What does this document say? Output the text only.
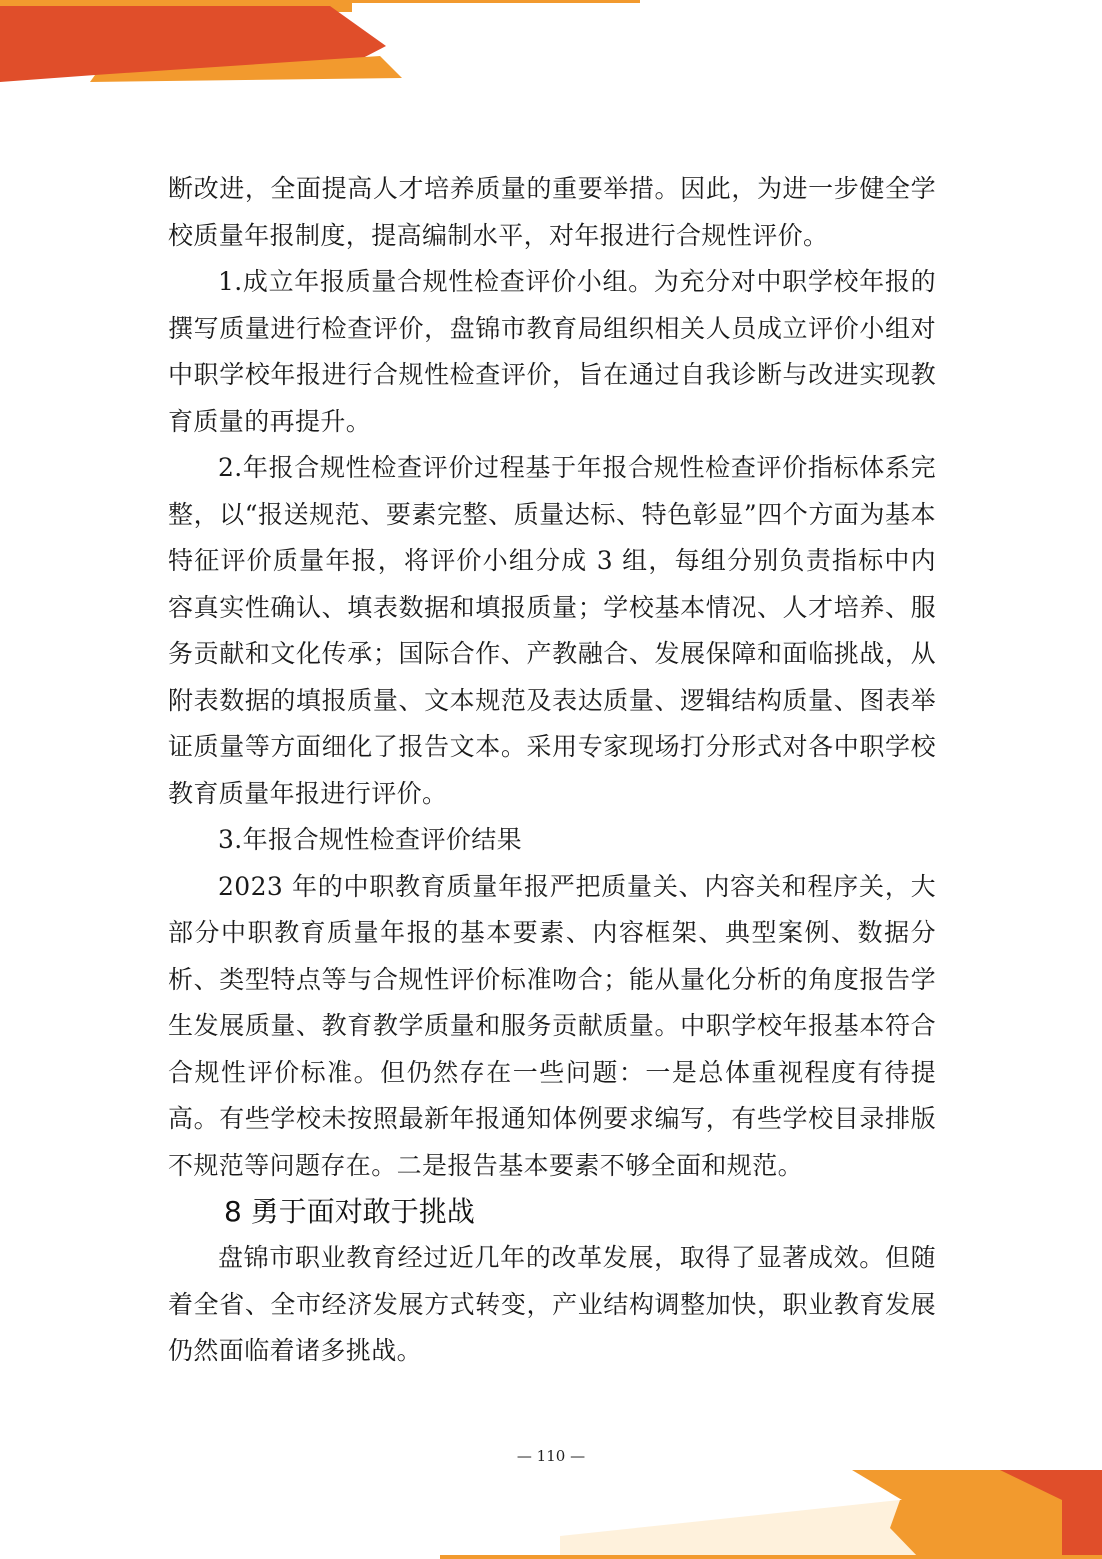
断改进，全面提高人才培养质量的重要举措。因此，为进一步健全学校质量年报制度，提高编制水平，对年报进行合规性评价。

1.成立年报质量合规性检查评价小组。为充分对中职学校年报的撰写质量进行检查评价，盘锦市教育局组织相关人员成立评价小组对中职学校年报进行合规性检查评价，旨在通过自我诊断与改进实现教育质量的再提升。

2.年报合规性检查评价过程基于年报合规性检查评价指标体系完整，以“报送规范、要素完整、质量达标、特色彰显”四个方面为基本特征评价质量年报，将评价小组分成 3 组，每组分别负责指标中内容真实性确认、填表数据和填报质量；学校基本情况、人才培养、服务贡献和文化传承；国际合作、产教融合、发展保障和面临挑战，从附表数据的填报质量、文本规范及表达质量、逻辑结构质量、图表举证质量等方面细化了报告文本。采用专家现场打分形式对各中职学校教育质量年报进行评价。

3.年报合规性检查评价结果

2023 年的中职教育质量年报严把质量关、内容关和程序关，大部分中职教育质量年报的基本要素、内容框架、典型案例、数据分析、类型特点等与合规性评价标准吻合；能从量化分析的角度报告学生发展质量、教育教学质量和服务贡献质量。中职学校年报基本符合合规性评价标准。但仍然存在一些问题：一是总体重视程度有待提高。有些学校未按照最新年报通知体例要求编写，有些学校目录排版不规范等问题存在。二是报告基本要素不够全面和规范。

8 勇于面对敢于挑战

盘锦市职业教育经过近几年的改革发展，取得了显著成效。但随着全省、全市经济发展方式转变，产业结构调整加快，职业教育发展仍然面临着诸多挑战。

— 110 —
